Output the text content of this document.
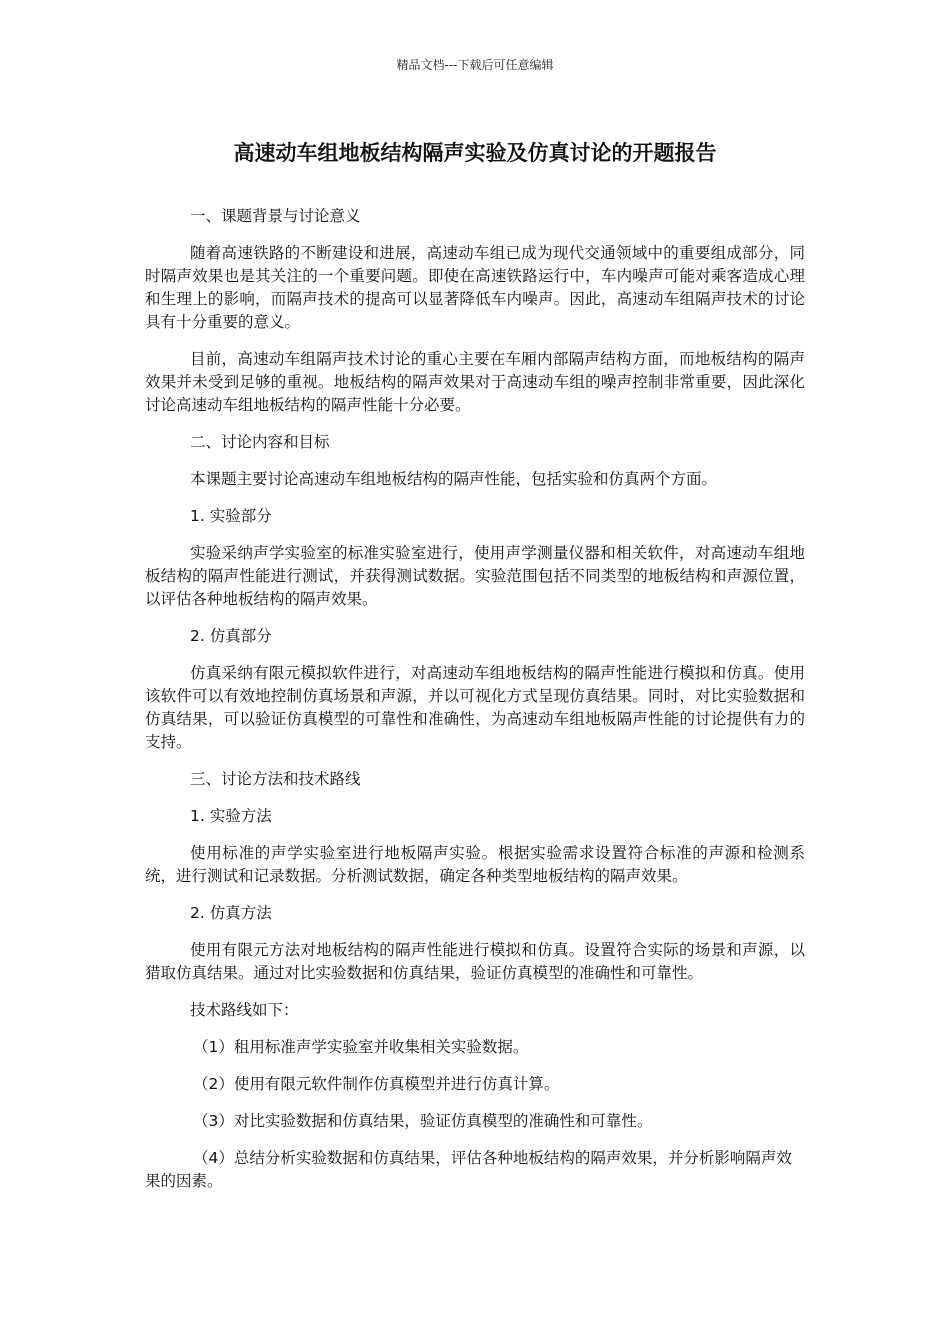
精品文档---下载后可任意编辑
高速动车组地板结构隔声实验及仿真讨论的开题报告

一、课题背景与讨论意义

随着高速铁路的不断建设和进展，高速动车组已成为现代交通领域中的重要组成部分，同时隔声效果也是其关注的一个重要问题。即使在高速铁路运行中，车内噪声可能对乘客造成心理和生理上的影响，而隔声技术的提高可以显著降低车内噪声。因此，高速动车组隔声技术的讨论具有十分重要的意义。

目前，高速动车组隔声技术讨论的重心主要在车厢内部隔声结构方面，而地板结构的隔声效果并未受到足够的重视。地板结构的隔声效果对于高速动车组的噪声控制非常重要，因此深化讨论高速动车组地板结构的隔声性能十分必要。

二、讨论内容和目标

本课题主要讨论高速动车组地板结构的隔声性能，包括实验和仿真两个方面。

1. 实验部分

实验采纳声学实验室的标准实验室进行，使用声学测量仪器和相关软件，对高速动车组地板结构的隔声性能进行测试，并获得测试数据。实验范围包括不同类型的地板结构和声源位置，以评估各种地板结构的隔声效果。

2. 仿真部分

仿真采纳有限元模拟软件进行，对高速动车组地板结构的隔声性能进行模拟和仿真。使用该软件可以有效地控制仿真场景和声源，并以可视化方式呈现仿真结果。同时，对比实验数据和仿真结果，可以验证仿真模型的可靠性和准确性，为高速动车组地板隔声性能的讨论提供有力的支持。

三、讨论方法和技术路线

1. 实验方法

使用标准的声学实验室进行地板隔声实验。根据实验需求设置符合标准的声源和检测系统，进行测试和记录数据。分析测试数据，确定各种类型地板结构的隔声效果。

2. 仿真方法

使用有限元方法对地板结构的隔声性能进行模拟和仿真。设置符合实际的场景和声源，以猎取仿真结果。通过对比实验数据和仿真结果，验证仿真模型的准确性和可靠性。

技术路线如下：

（1）租用标准声学实验室并收集相关实验数据。

（2）使用有限元软件制作仿真模型并进行仿真计算。

（3）对比实验数据和仿真结果，验证仿真模型的准确性和可靠性。

（4）总结分析实验数据和仿真结果，评估各种地板结构的隔声效果，并分析影响隔声效果的因素。
